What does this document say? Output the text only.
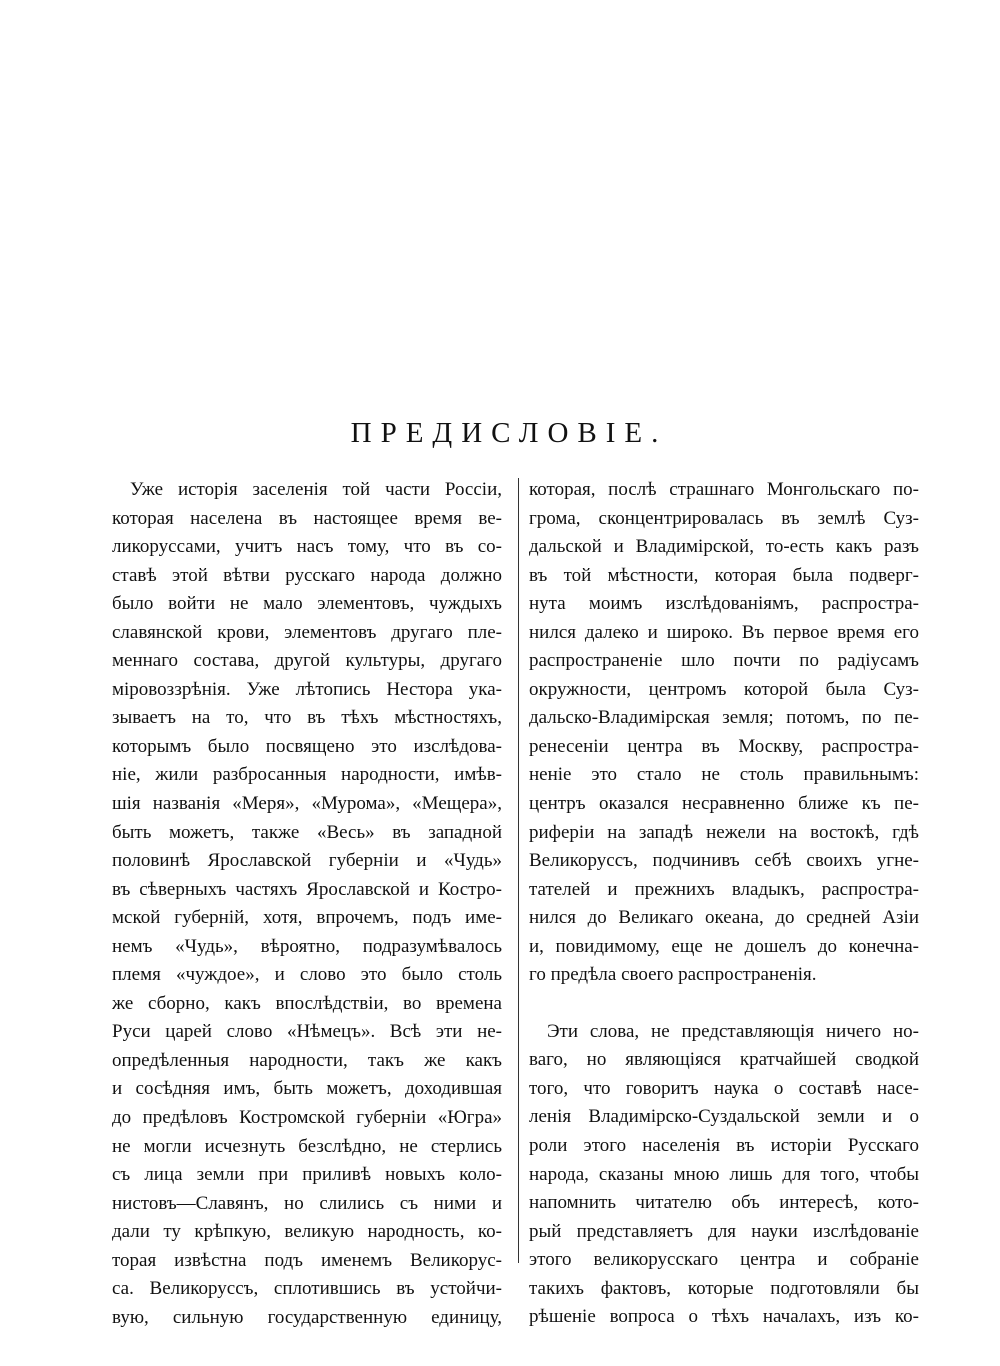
ПРЕДИСЛОВІЕ.
Уже исторія заселенія той части Россіи,
которая населена въ настоящее время ве-
ликоруссами, учитъ насъ тому, что въ со-
ставѣ этой вѣтви русскаго народа должно
было войти не мало элементовъ, чуждыхъ
славянской крови, элементовъ другаго пле-
меннаго состава, другой культуры, другаго
міровоззрѣнія. Уже лѣтопись Нестора ука-
зываетъ на то, что въ тѣхъ мѣстностяхъ,
которымъ было посвящено это изслѣдова-
ніе, жили разбросанныя народности, имѣв-
шія названія «Меря», «Мурома», «Мещера»,
быть можетъ, также «Весь» въ западной
половинѣ Ярославской губерніи и «Чудь»
въ сѣверныхъ частяхъ Ярославской и Костро-
мской губерній, хотя, впрочемъ, подъ име-
немъ «Чудь», вѣроятно, подразумѣвалось
племя «чуждое», и слово это было столь
же сборно, какъ впослѣдствіи, во времена
Руси царей слово «Нѣмецъ». Всѣ эти не-
опредѣленныя народности, такъ же какъ
и сосѣдняя имъ, быть можетъ, доходившая
до предѣловъ Костромской губерніи «Югра»
не могли исчезнуть безслѣдно, не стерлись
съ лица земли при приливѣ новыхъ коло-
нистовъ—Славянъ, но слились съ ними и
дали ту крѣпкую, великую народность, ко-
торая извѣстна подъ именемъ Великорус-
са. Великоруссъ, сплотившись въ устойчи-
вую, сильную государственную единицу,
которая, послѣ страшнаго Монгольскаго по-
грома, сконцентрировалась въ землѣ Суз-
дальской и Владимірской, то-есть какъ разъ
въ той мѣстности, которая была подверг-
нута моимъ изслѣдованіямъ, распростра-
нился далеко и широко. Въ первое время его
распространеніе шло почти по радіусамъ
окружности, центромъ которой была Суз-
дальско-Владимірская земля; потомъ, по пе-
ренесеніи центра въ Москву, распростра-
неніе это стало не столь правильнымъ:
центръ оказался несравненно ближе къ пе-
риферіи на западѣ нежели на востокѣ, гдѣ
Великоруссъ, подчинивъ себѣ своихъ угне-
тателей и прежнихъ владыкъ, распростра-
нился до Великаго океана, до средней Азіи
и, повидимому, еще не дошелъ до конечна-
го предѣла своего распространенія.
Эти слова, не представляющія ничего но-
ваго, но являющіяся кратчайшей сводкой
того, что говоритъ наука о составѣ насе-
ленія Владимірско-Суздальской земли и о
роли этого населенія въ исторіи Русскаго
народа, сказаны мною лишь для того, чтобы
напомнить читателю объ интересѣ, кото-
рый представляетъ для науки изслѣдованіе
этого великорусскаго центра и собраніе
такихъ фактовъ, которые подготовляли бы
рѣшеніе вопроса о тѣхъ началахъ, изъ ко-
